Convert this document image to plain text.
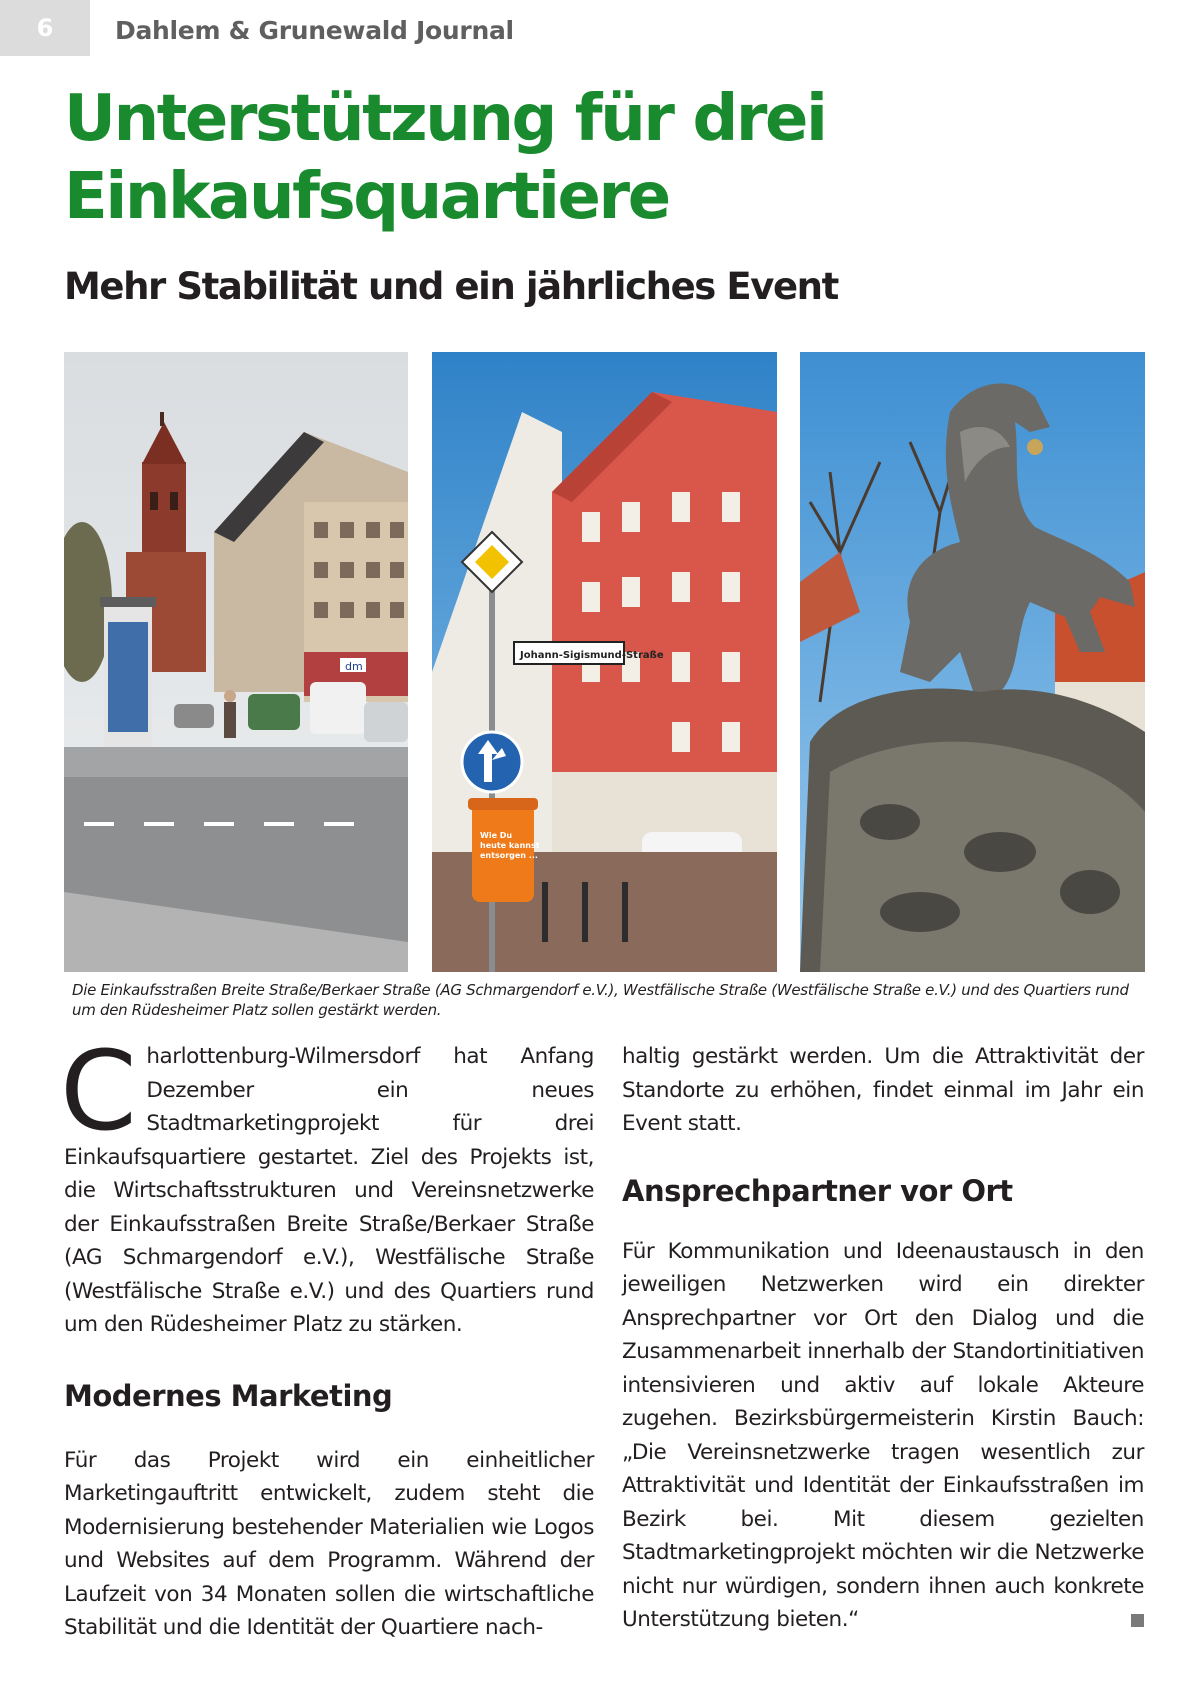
6 Dahlem & Grunewald Journal
Unterstützung für drei
Einkaufsquartiere
Mehr Stabilität und ein jährliches Event
dm
Johann-Sigismund-Straße
Wie Du
heute kannst
entsorgen ...
Die Einkaufsstraßen Breite Straße/Berkaer Straße (AG Schmargendorf e.V.), Westfälische Straße (Westfälische Straße e.V.) und des Quartiers rund um den Rüdesheimer Platz sollen gestärkt werden.

Charlottenburg-Wilmersdorf hat Anfang Dezember ein neues Stadtmarketingprojekt für drei Einkaufsquartiere gestartet. Ziel des Projekts ist, die Wirtschaftsstrukturen und Vereinsnetzwerke der Einkaufsstraßen Breite Straße/Berkaer Straße (AG Schmargendorf e.V.), Westfälische Straße (Westfälische Straße e.V.) und des Quartiers rund um den Rüdesheimer Platz zu stärken.

Modernes Marketing

Für das Projekt wird ein einheitlicher Marketingauftritt entwickelt, zudem steht die Modernisierung bestehender Materialien wie Logos und Websites auf dem Programm. Während der Laufzeit von 34 Monaten sollen die wirtschaftliche Stabilität und die Identität der Quartiere nach-

haltig gestärkt werden. Um die Attraktivität der Standorte zu erhöhen, findet einmal im Jahr ein Event statt.

Ansprechpartner vor Ort

Für Kommunikation und Ideenaustausch in den jeweiligen Netzwerken wird ein direkter Ansprechpartner vor Ort den Dialog und die Zusammenarbeit innerhalb der Standortinitiativen intensivieren und aktiv auf lokale Akteure zugehen. Bezirksbürgermeisterin Kirstin Bauch: „Die Vereinsnetzwerke tragen wesentlich zur Attraktivität und Identität der Einkaufsstraßen im Bezirk bei. Mit diesem gezielten Stadtmarketingprojekt möchten wir die Netzwerke nicht nur würdigen, sondern ihnen auch konkrete Unterstützung bieten.“
